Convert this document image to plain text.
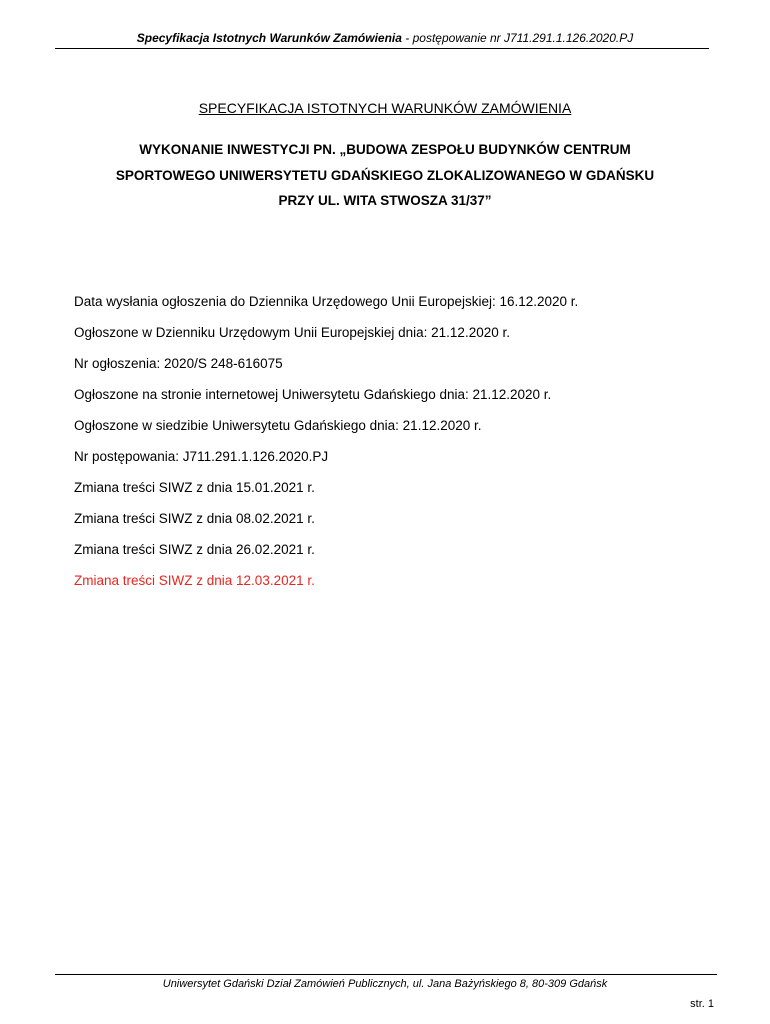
Specyfikacja Istotnych Warunków Zamówienia - postępowanie nr J711.291.1.126.2020.PJ
SPECYFIKACJA ISTOTNYCH WARUNKÓW ZAMÓWIENIA
WYKONANIE INWESTYCJI PN. „BUDOWA ZESPOŁU BUDYNKÓW CENTRUM
SPORTOWEGO UNIWERSYTETU GDAŃSKIEGO ZLOKALIZOWANEGO W GDAŃSKU
PRZY UL. WITA STWOSZA 31/37”
Data wysłania ogłoszenia do Dziennika Urzędowego Unii Europejskiej: 16.12.2020 r.
Ogłoszone w Dzienniku Urzędowym Unii Europejskiej dnia: 21.12.2020 r.
Nr ogłoszenia: 2020/S 248-616075
Ogłoszone na stronie internetowej Uniwersytetu Gdańskiego dnia: 21.12.2020 r.
Ogłoszone w siedzibie Uniwersytetu Gdańskiego dnia: 21.12.2020 r.
Nr postępowania: J711.291.1.126.2020.PJ
Zmiana treści SIWZ z dnia 15.01.2021 r.
Zmiana treści SIWZ z dnia 08.02.2021 r.
Zmiana treści SIWZ z dnia 26.02.2021 r.
Zmiana treści SIWZ z dnia 12.03.2021 r.
Uniwersytet Gdański Dział Zamówień Publicznych, ul. Jana Bażyńskiego 8, 80-309 Gdańsk
str. 1
